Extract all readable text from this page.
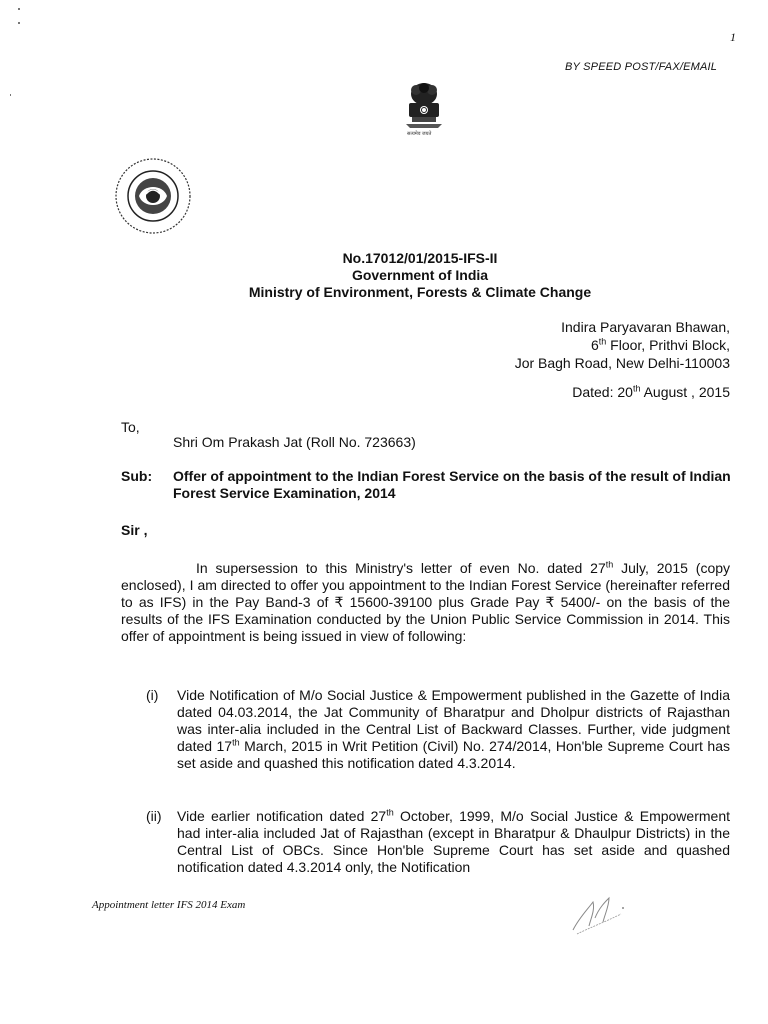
1
BY SPEED POST/FAX/EMAIL
सत्यमेव जयते
No.17012/01/2015-IFS-II
Government of India
Ministry of Environment, Forests & Climate Change
Indira Paryavaran Bhawan,
6th Floor, Prithvi Block,
Jor Bagh Road, New Delhi-110003
Dated: 20th August , 2015
To,
Shri Om Prakash Jat (Roll No. 723663)
Sub: Offer of appointment to the Indian Forest Service on the basis of the result of Indian Forest Service Examination, 2014
Sir ,
In supersession to this Ministry's letter of even No. dated 27th July, 2015 (copy enclosed), I am directed to offer you appointment to the Indian Forest Service (hereinafter referred to as IFS) in the Pay Band-3 of ₹ 15600-39100 plus Grade Pay ₹ 5400/- on the basis of the results of the IFS Examination conducted by the Union Public Service Commission in 2014. This offer of appointment is being issued in view of following:
(i) Vide Notification of M/o Social Justice & Empowerment published in the Gazette of India dated 04.03.2014, the Jat Community of Bharatpur and Dholpur districts of Rajasthan was inter-alia included in the Central List of Backward Classes. Further, vide judgment dated 17th March, 2015 in Writ Petition (Civil) No. 274/2014, Hon'ble Supreme Court has set aside and quashed this notification dated 4.3.2014.
(ii) Vide earlier notification dated 27th October, 1999, M/o Social Justice & Empowerment had inter-alia included Jat of Rajasthan (except in Bharatpur & Dhaulpur Districts) in the Central List of OBCs. Since Hon'ble Supreme Court has set aside and quashed notification dated 4.3.2014 only, the Notification
Appointment letter IFS 2014 Exam
